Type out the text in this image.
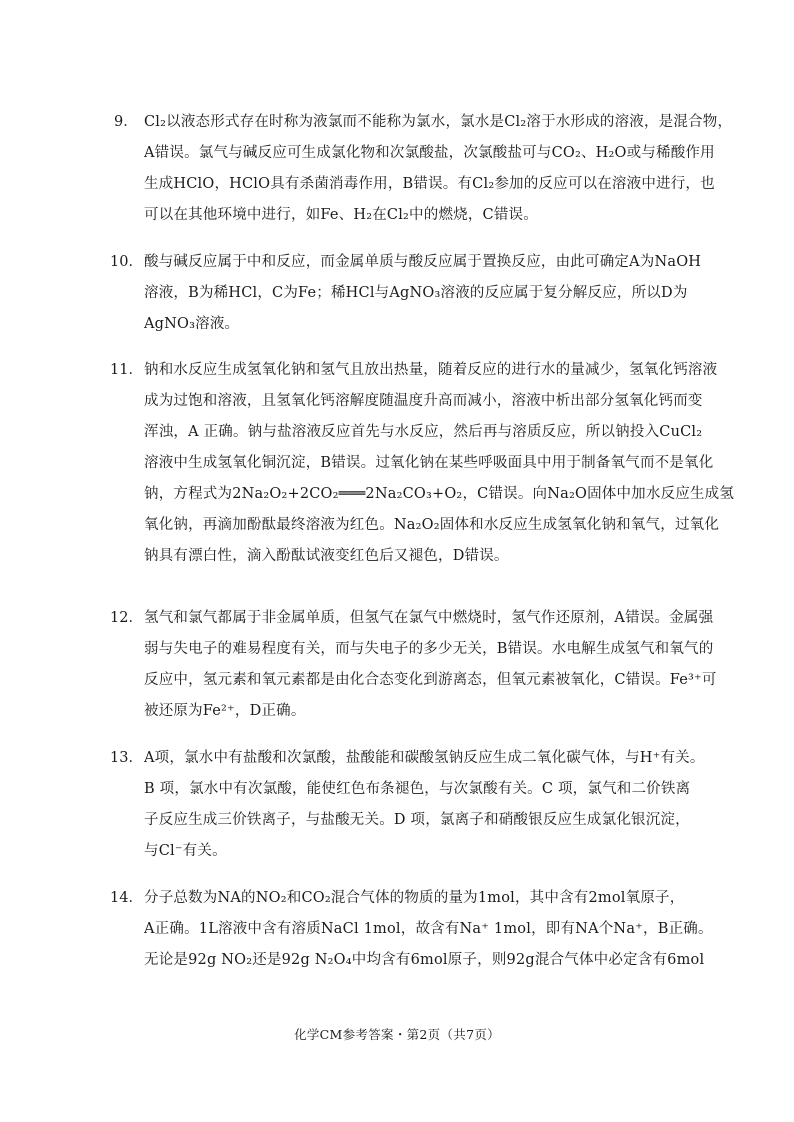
9． Cl₂以液态形式存在时称为液氯而不能称为氯水，氯水是Cl₂溶于水形成的溶液，是混合物，
A错误。氯气与碱反应可生成氯化物和次氯酸盐，次氯酸盐可与CO₂、H₂O或与稀酸作用
生成HClO，HClO具有杀菌消毒作用，B错误。有Cl₂参加的反应可以在溶液中进行，也
可以在其他环境中进行，如Fe、H₂在Cl₂中的燃烧，C错误。
10． 酸与碱反应属于中和反应，而金属单质与酸反应属于置换反应，由此可确定A为NaOH
溶液，B为稀HCl，C为Fe；稀HCl与AgNO₃溶液的反应属于复分解反应，所以D为
AgNO₃溶液。
11． 钠和水反应生成氢氧化钠和氢气且放出热量，随着反应的进行水的量减少，氢氧化钙溶液
成为过饱和溶液，且氢氧化钙溶解度随温度升高而减小，溶液中析出部分氢氧化钙而变
浑浊，A 正确。钠与盐溶液反应首先与水反应，然后再与溶质反应，所以钠投入CuCl₂
溶液中生成氢氧化铜沉淀，B错误。过氧化钠在某些呼吸面具中用于制备氧气而不是氧化
钠，方程式为2Na₂O₂+2CO₂═══2Na₂CO₃+O₂，C错误。向Na₂O固体中加水反应生成氢
氧化钠，再滴加酚酞最终溶液为红色。Na₂O₂固体和水反应生成氢氧化钠和氧气，过氧化
钠具有漂白性，滴入酚酞试液变红色后又褪色，D错误。
12． 氢气和氯气都属于非金属单质，但氢气在氯气中燃烧时，氢气作还原剂，A错误。金属强
弱与失电子的难易程度有关，而与失电子的多少无关，B错误。水电解生成氢气和氧气的
反应中，氢元素和氧元素都是由化合态变化到游离态，但氧元素被氧化，C错误。Fe³⁺可
被还原为Fe²⁺，D正确。
13． A项，氯水中有盐酸和次氯酸，盐酸能和碳酸氢钠反应生成二氧化碳气体，与H⁺有关。
B 项，氯水中有次氯酸，能使红色布条褪色，与次氯酸有关。C 项，氯气和二价铁离
子反应生成三价铁离子，与盐酸无关。D 项，氯离子和硝酸银反应生成氯化银沉淀，
与Cl⁻有关。
14． 分子总数为NA的NO₂和CO₂混合气体的物质的量为1mol，其中含有2mol氧原子，
A正确。1L溶液中含有溶质NaCl 1mol，故含有Na⁺ 1mol，即有NA个Na⁺，B正确。
无论是92g NO₂还是92g N₂O₄中均含有6mol原子，则92g混合气体中必定含有6mol
化学CM参考答案・第2页（共7页）
